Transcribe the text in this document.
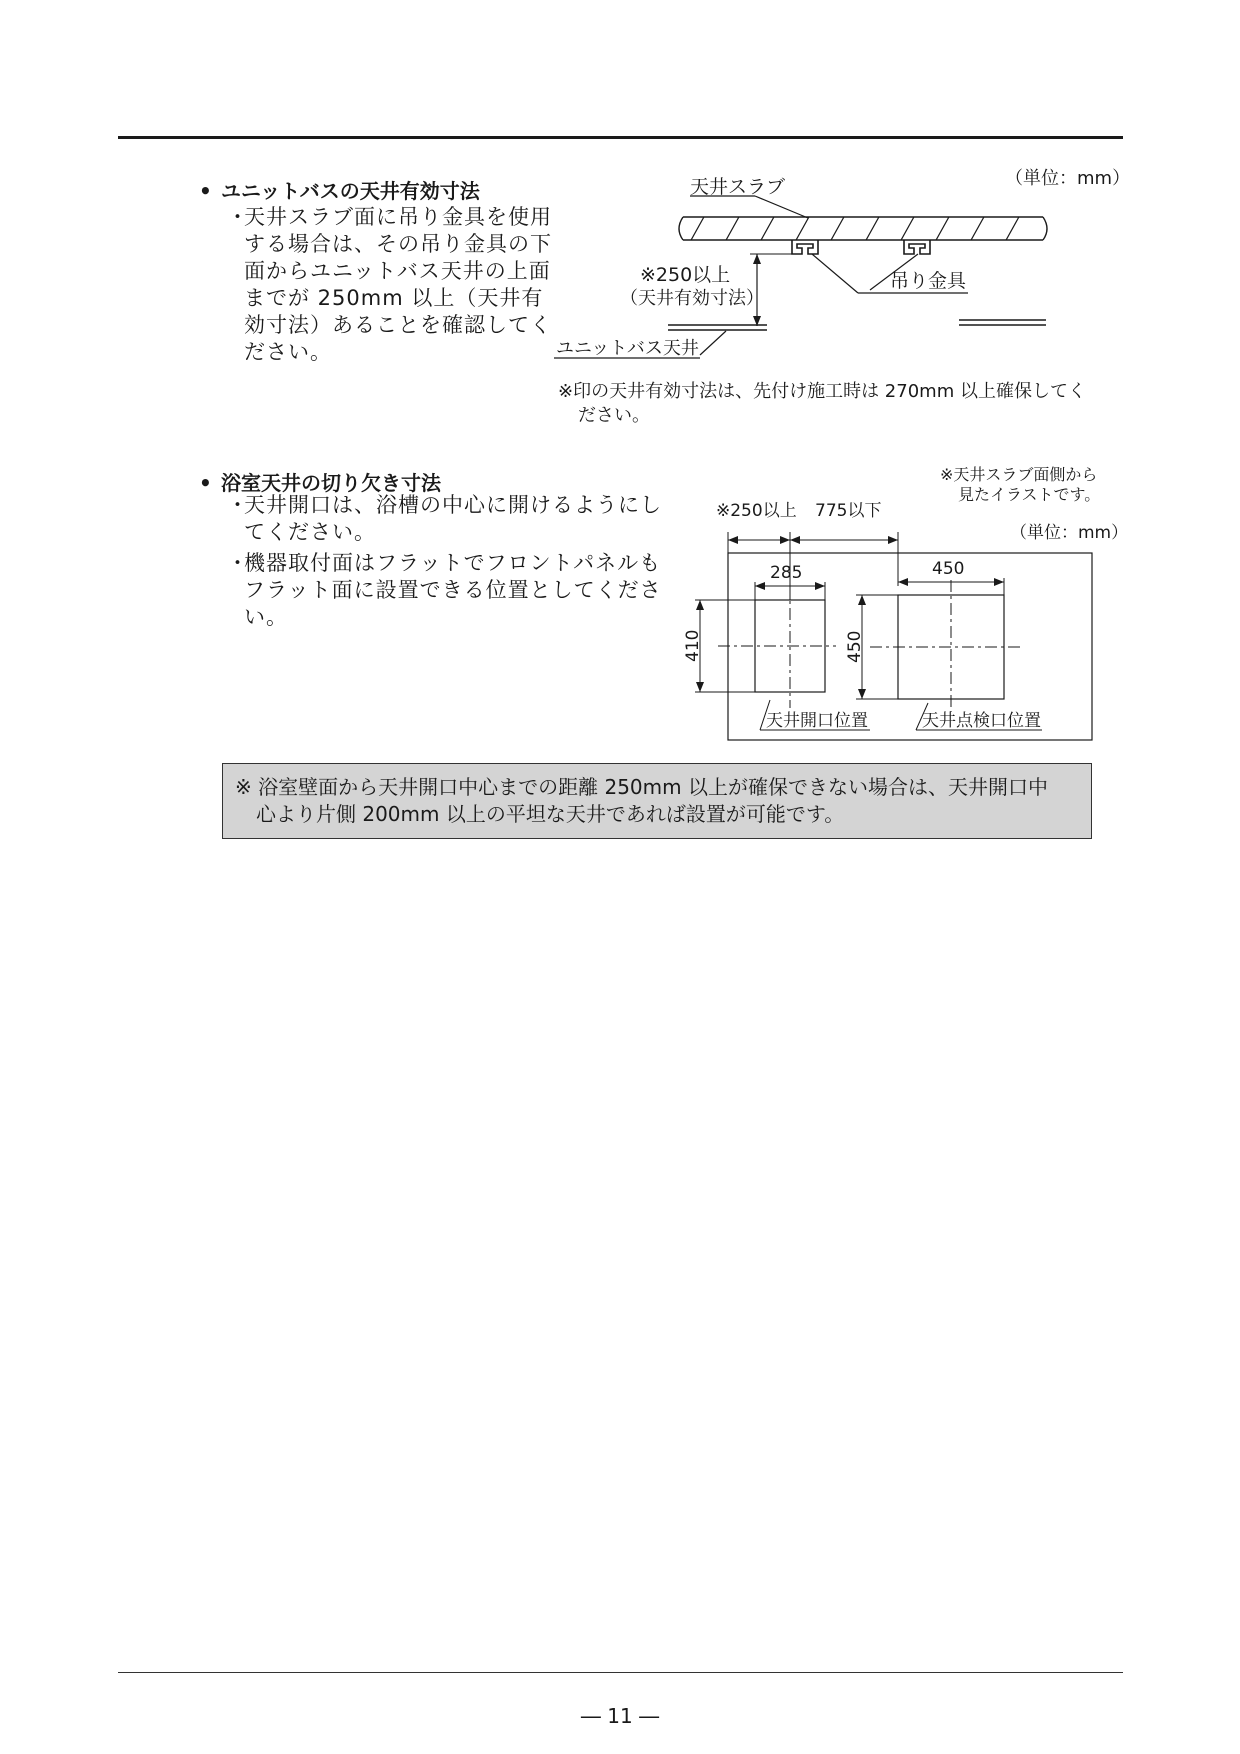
• ユニットバスの天井有効寸法
・
天井スラブ面に吊り金具を使用する場合は、その吊り金具の下面からユニットバス天井の上面までが 250mm 以上（天井有効寸法）あることを確認してください。
天井スラブ	（単位：mm）
吊り金具
※250以上
（天井有効寸法）
ユニットバス天井
※印の天井有効寸法は、先付け施工時は 270mm 以上確保してく
ださい。
• 浴室天井の切り欠き寸法
・
天井開口は、浴槽の中心に開けるようにしてください。
・
機器取付面はフラットでフロントパネルもフラット面に設置できる位置としてください。
※天井スラブ面側から
見たイラストです。
（単位：mm）
※250以上 775以下
285
410
450
450
天井開口位置	天井点検口位置
※ 浴室壁面から天井開口中心までの距離 250mm 以上が確保できない場合は、天井開口中
心より片側 200mm 以上の平坦な天井であれば設置が可能です。
― 11 ―
